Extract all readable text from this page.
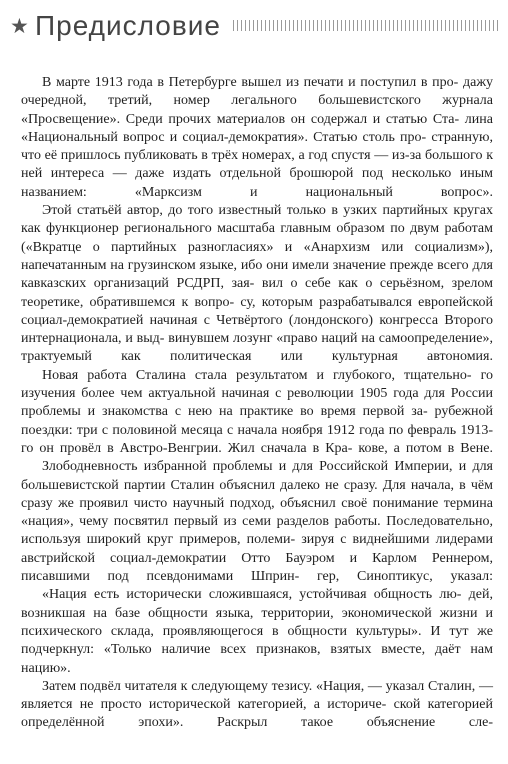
★ Предисловие

В марте 1913 года в Петербурге вышел из печати и поступил в про- дажу очередной, третий, номер легального большевистского журнала «Просвещение». Среди прочих материалов он содержал и статью Ста- лина «Национальный вопрос и социал-демократия». Статью столь про- странную, что её пришлось публиковать в трёх номерах, а год спустя — из-за большого к ней интереса — даже издать отдельной брошюрой под несколько иным названием: «Марксизм и национальный вопрос».

Этой статьёй автор, до того известный только в узких партийных кругах как функционер регионального масштаба главным образом по двум работам («Вкратце о партийных разногласиях» и «Анархизм или социализм»), напечатанным на грузинском языке, ибо они имели значение прежде всего для кавказских организаций РСДРП, зая- вил о себе как о серьёзном, зрелом теоретике, обратившемся к вопро- су, которым разрабатывался европейской социал-демократией начиная с Четвёртого (лондонского) конгресса Второго интернационала, и выд- винувшем лозунг «право наций на самоопределение», трактуемый как политическая или культурная автономия.

Новая работа Сталина стала результатом и глубокого, тщательно- го изучения более чем актуальной начиная с революции 1905 года для России проблемы и знакомства с нею на практике во время первой за- рубежной поездки: три с половиной месяца с начала ноября 1912 года по февраль 1913-го он провёл в Австро-Венгрии. Жил сначала в Кра- кове, а потом в Вене.

Злободневность избранной проблемы и для Российской Империи, и для большевистской партии Сталин объяснил далеко не сразу. Для начала, в чём сразу же проявил чисто научный подход, объяснил своё понимание термина «нация», чему посвятил первый из семи разделов работы. Последовательно, используя широкий круг примеров, полеми- зируя с виднейшими лидерами австрийской социал-демократии Отто Бауэром и Карлом Реннером, писавшими под псевдонимами Шприн- гер, Синоптикус, указал:

«Нация есть исторически сложившаяся, устойчивая общность лю- дей, возникшая на базе общности языка, территории, экономической жизни и психического склада, проявляющегося в общности культуры». И тут же подчеркнул: «Только наличие всех признаков, взятых вместе, даёт нам нацию».

Затем подвёл читателя к следующему тезису. «Нация, — указал Сталин, — является не просто исторической категорией, а историче- ской категорией определённой эпохи». Раскрыл такое объяснение сле-
